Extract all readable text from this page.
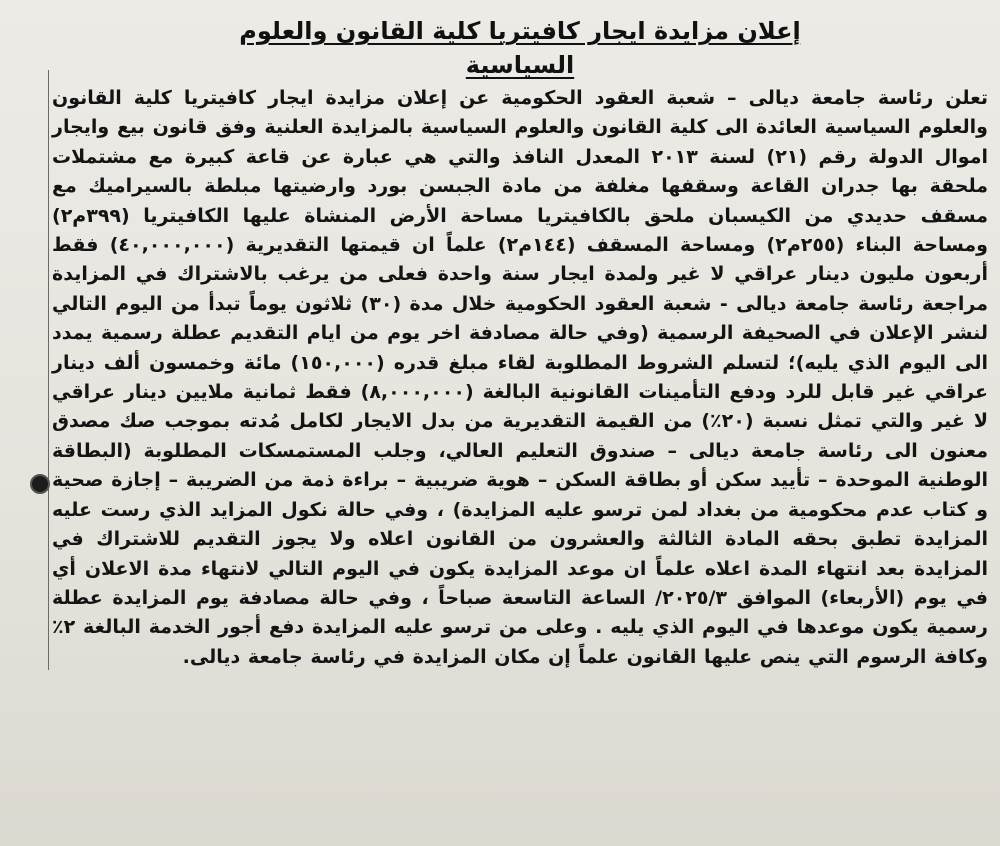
إعلان مزايدة ايجار كافيتريا كلية القانون والعلوم السياسية
تعلن رئاسة جامعة ديالى – شعبة العقود الحكومية عن إعلان مزايدة ايجار كافيتريا كلية القانون والعلوم السياسية العائدة الى كلية القانون والعلوم السياسية بالمزايدة العلنية وفق قانون بيع وايجار اموال الدولة رقم (٢١) لسنة ٢٠١٣ المعدل النافذ والتي هي عبارة عن قاعة كبيرة مع مشتملات ملحقة بها جدران القاعة وسقفها مغلفة من مادة الجبسن بورد وارضيتها مبلطة بالسيراميك مع مسقف حديدي من الكيسبان ملحق بالكافيتريا مساحة الأرض المنشاة عليها الكافيتريا (٣٩٩م٢) ومساحة البناء (٢٥٥م٢) ومساحة المسقف (١٤٤م٢) علماً ان قيمتها التقديرية (٤٠,٠٠٠,٠٠٠) فقط أربعون مليون دينار عراقي لا غير ولمدة ايجار سنة واحدة فعلى من يرغب بالاشتراك في المزايدة مراجعة رئاسة جامعة ديالى - شعبة العقود الحكومية خلال مدة (٣٠) ثلاثون يوماً تبدأ من اليوم التالي لنشر الإعلان في الصحيفة الرسمية (وفي حالة مصادفة اخر يوم من ايام التقديم عطلة رسمية يمدد الى اليوم الذي يليه)؛ لتسلم الشروط المطلوبة لقاء مبلغ قدره (١٥٠,٠٠٠) مائة وخمسون ألف دينار عراقي غير قابل للرد ودفع التأمينات القانونية البالغة (٨,٠٠٠,٠٠٠) فقط ثمانية ملايين دينار عراقي لا غير والتي تمثل نسبة (٢٠٪) من القيمة التقديرية من بدل الايجار لكامل مُدته بموجب صك مصدق معنون الى رئاسة جامعة ديالى – صندوق التعليم العالي، وجلب المستمسكات المطلوبة (البطاقة الوطنية الموحدة – تأييد سكن أو بطاقة السكن – هوية ضريبية – براءة ذمة من الضريبة – إجازة صحية و كتاب عدم محكومية من بغداد لمن ترسو عليه المزايدة) ، وفي حالة نكول المزايد الذي رست عليه المزايدة تطبق بحقه المادة الثالثة والعشرون من القانون اعلاه ولا يجوز التقديم للاشتراك في المزايدة بعد انتهاء المدة اعلاه علماً ان موعد المزايدة يكون في اليوم التالي لانتهاء مدة الاعلان أي في يوم (الأربعاء) الموافق ٢٠٢٥/٣/ الساعة التاسعة صباحاً ، وفي حالة مصادفة يوم المزايدة عطلة رسمية يكون موعدها في اليوم الذي يليه . وعلى من ترسو عليه المزايدة دفع أجور الخدمة البالغة ٢٪ وكافة الرسوم التي ينص عليها القانون علماً إن مكان المزايدة في رئاسة جامعة ديالى.
